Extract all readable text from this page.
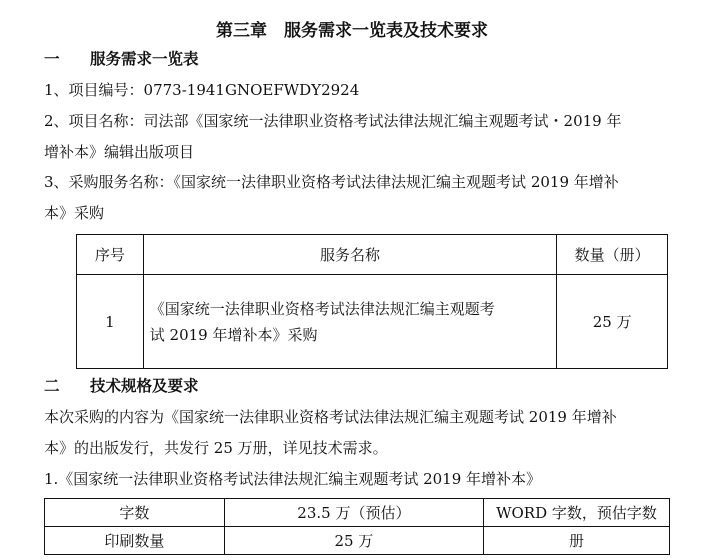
第三章　服务需求一览表及技术要求
一 服务需求一览表
1、项目编号：0773-1941GNOEFWDY2924
2、项目名称：司法部《国家统一法律职业资格考试法律法规汇编主观题考试・2019 年
增补本》编辑出版项目
3、采购服务名称：《国家统一法律职业资格考试法律法规汇编主观题考试 2019 年增补
本》采购
序号	服务名称	数量（册）
1	《国家统一法律职业资格考试法律法规汇编主观题考
试 2019 年增补本》采购	25 万
二 技术规格及要求
本次采购的内容为《国家统一法律职业资格考试法律法规汇编主观题考试 2019 年增补
本》的出版发行，共发行 25 万册，详见技术需求。
1.《国家统一法律职业资格考试法律法规汇编主观题考试 2019 年增补本》
字数	23.5 万（预估）	WORD 字数，预估字数
印刷数量	25 万	册
